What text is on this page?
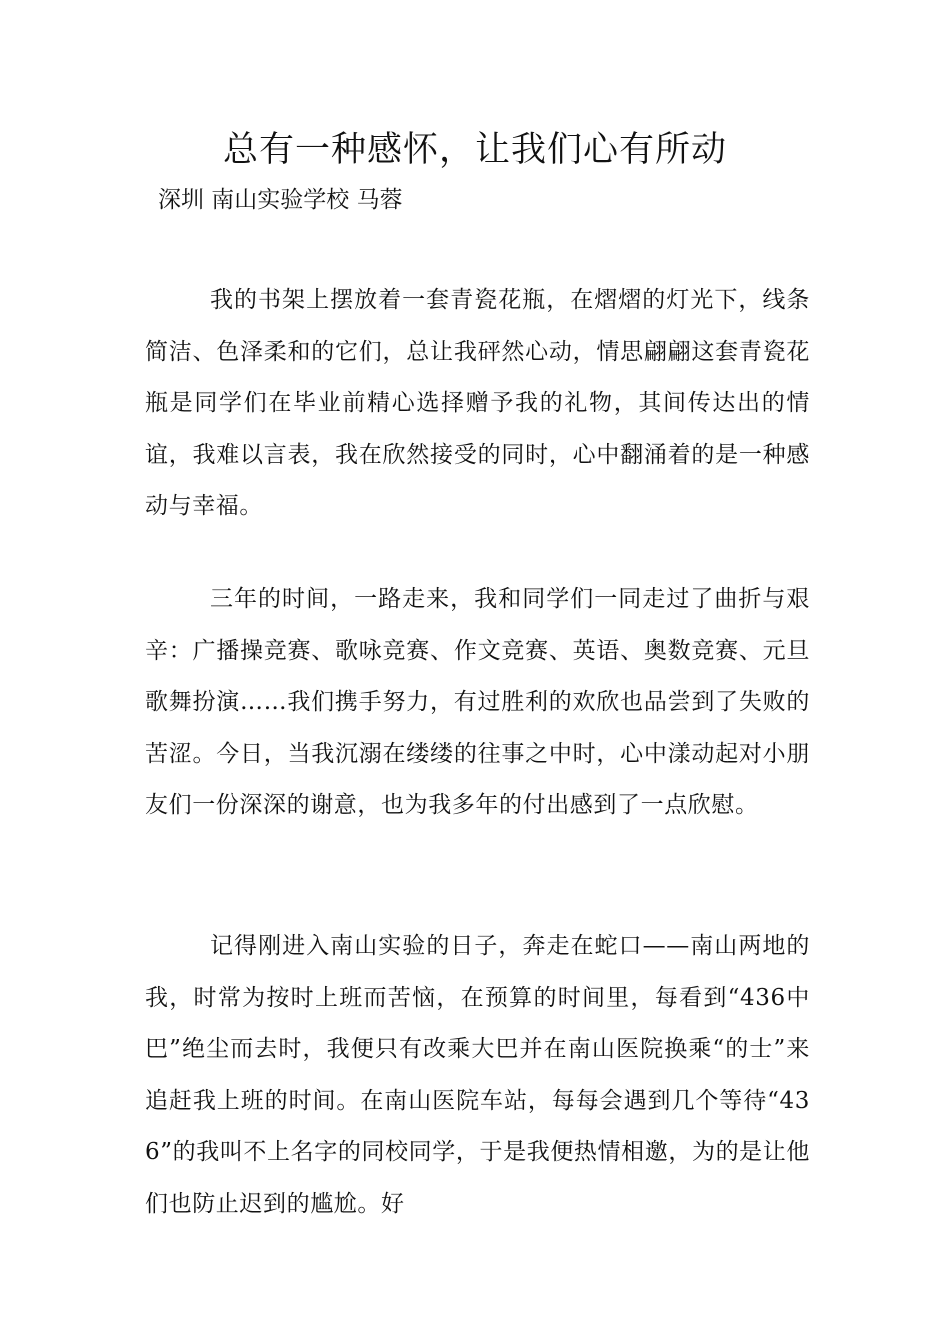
总有一种感怀，让我们心有所动
深圳 南山实验学校 马蓉

我的书架上摆放着一套青瓷花瓶，在熠熠的灯光下，线条简洁、色泽柔和的它们，总让我砰然心动，情思翩翩这套青瓷花瓶是同学们在毕业前精心选择赠予我的礼物，其间传达出的情谊，我难以言表，我在欣然接受的同时，心中翻涌着的是一种感动与幸福。

三年的时间，一路走来，我和同学们一同走过了曲折与艰辛：广播操竞赛、歌咏竞赛、作文竞赛、英语、奥数竞赛、元旦歌舞扮演……我们携手努力，有过胜利的欢欣也品尝到了失败的苦涩。今日，当我沉溺在缕缕的往事之中时，心中漾动起对小朋友们一份深深的谢意，也为我多年的付出感到了一点欣慰。

记得刚进入南山实验的日子，奔走在蛇口——南山两地的我，时常为按时上班而苦恼，在预算的时间里，每看到“436中巴”绝尘而去时，我便只有改乘大巴并在南山医院换乘“的士”来追赶我上班的时间。在南山医院车站，每每会遇到几个等待“436”的我叫不上名字的同校同学，于是我便热情相邀，为的是让他们也防止迟到的尴尬。好
